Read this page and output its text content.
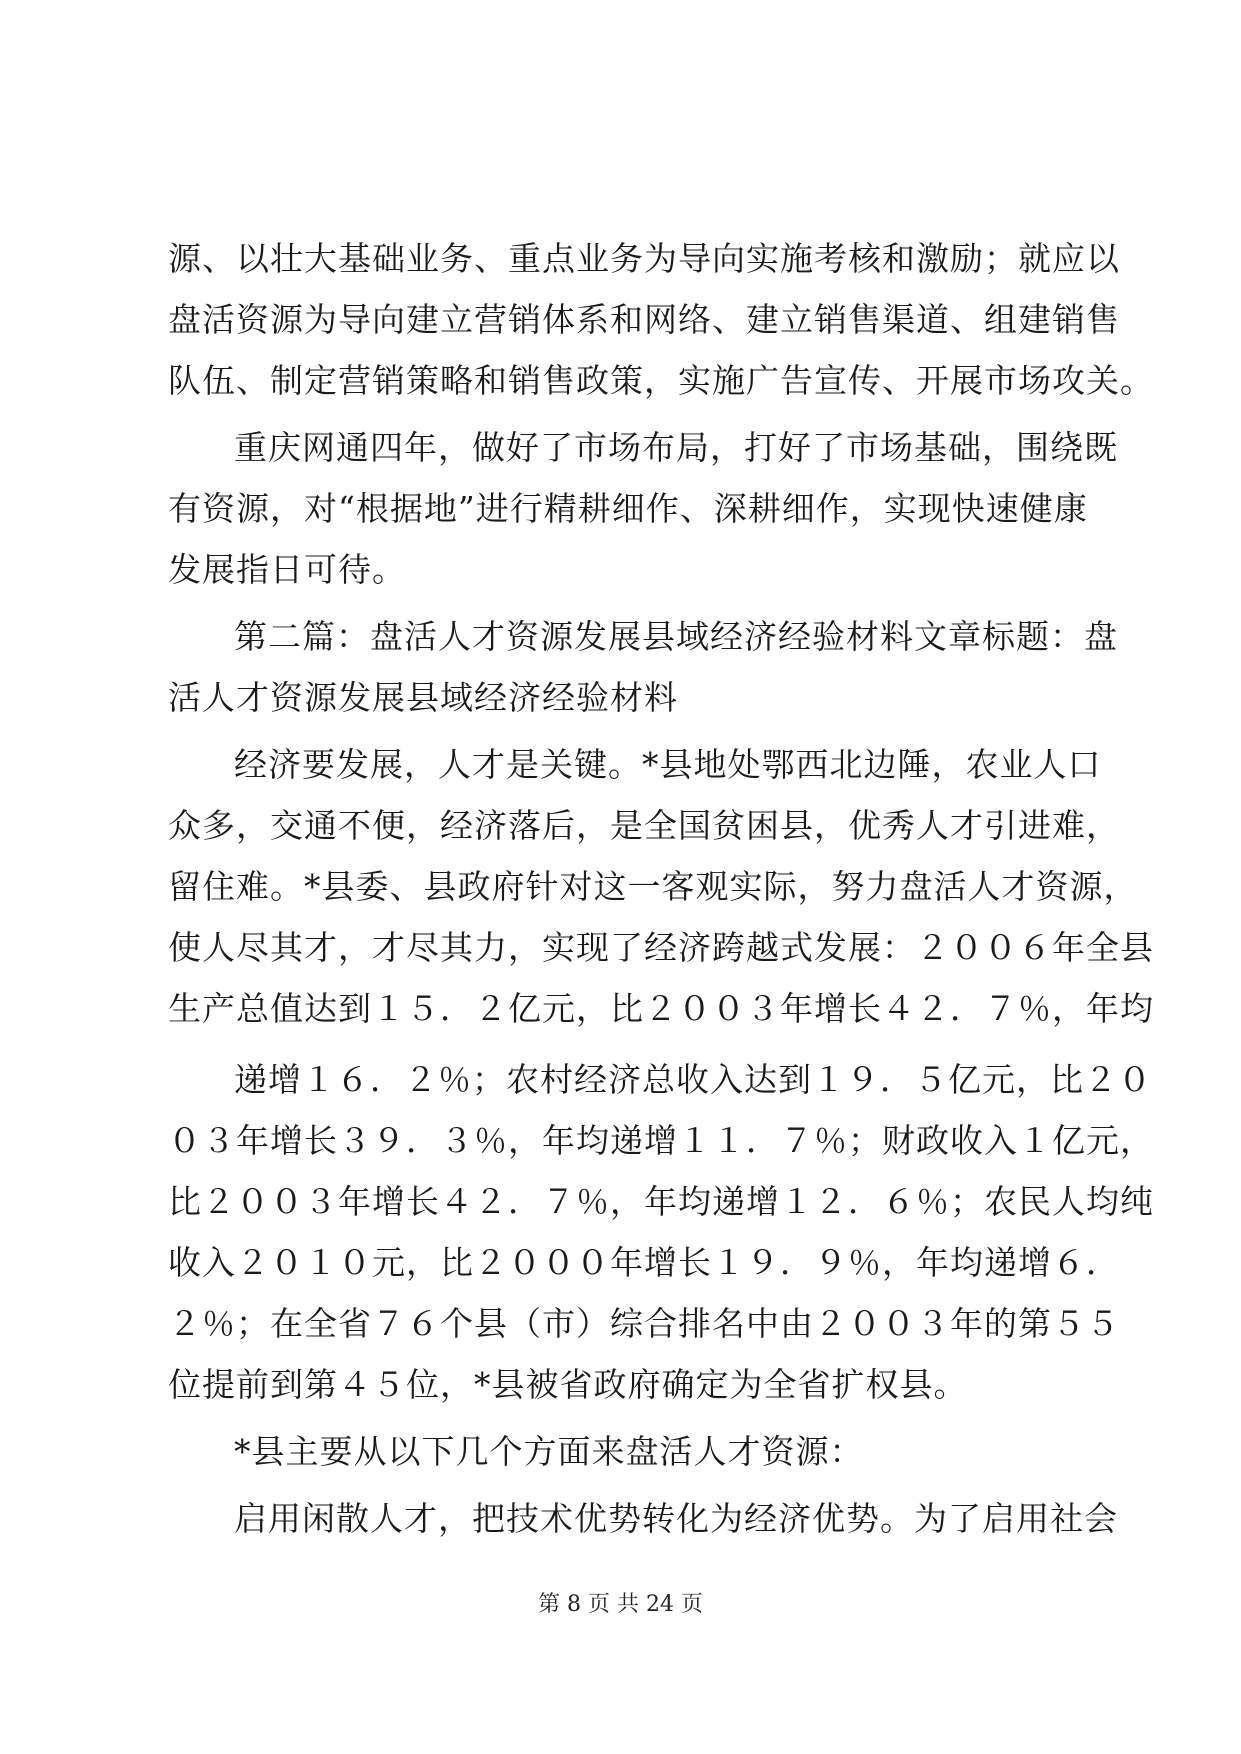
源、以壮大基础业务、重点业务为导向实施考核和激励；就应以
盘活资源为导向建立营销体系和网络、建立销售渠道、组建销售
队伍、制定营销策略和销售政策，实施广告宣传、开展市场攻关。
重庆网通四年，做好了市场布局，打好了市场基础，围绕既
有资源，对“根据地”进行精耕细作、深耕细作，实现快速健康
发展指日可待。
第二篇：盘活人才资源发展县域经济经验材料文章标题：盘
活人才资源发展县域经济经验材料
经济要发展，人才是关键。*县地处鄂西北边陲，农业人口
众多，交通不便，经济落后，是全国贫困县，优秀人才引进难，
留住难。*县委、县政府针对这一客观实际，努力盘活人才资源，
使人尽其才，才尽其力，实现了经济跨越式发展：２００６年全县
生产总值达到１５．２亿元，比２００３年增长４２．７％，年均
递增１６．２％；农村经济总收入达到１９．５亿元，比２０
０３年增长３９．３％，年均递增１１．７％；财政收入１亿元，
比２００３年增长４２．７％，年均递增１２．６％；农民人均纯
收入２０１０元，比２０００年增长１９．９％，年均递增６．
２％；在全省７６个县（市）综合排名中由２００３年的第５５
位提前到第４５位，*县被省政府确定为全省扩权县。
*县主要从以下几个方面来盘活人才资源：
启用闲散人才，把技术优势转化为经济优势。为了启用社会
第 8 页 共 24 页
